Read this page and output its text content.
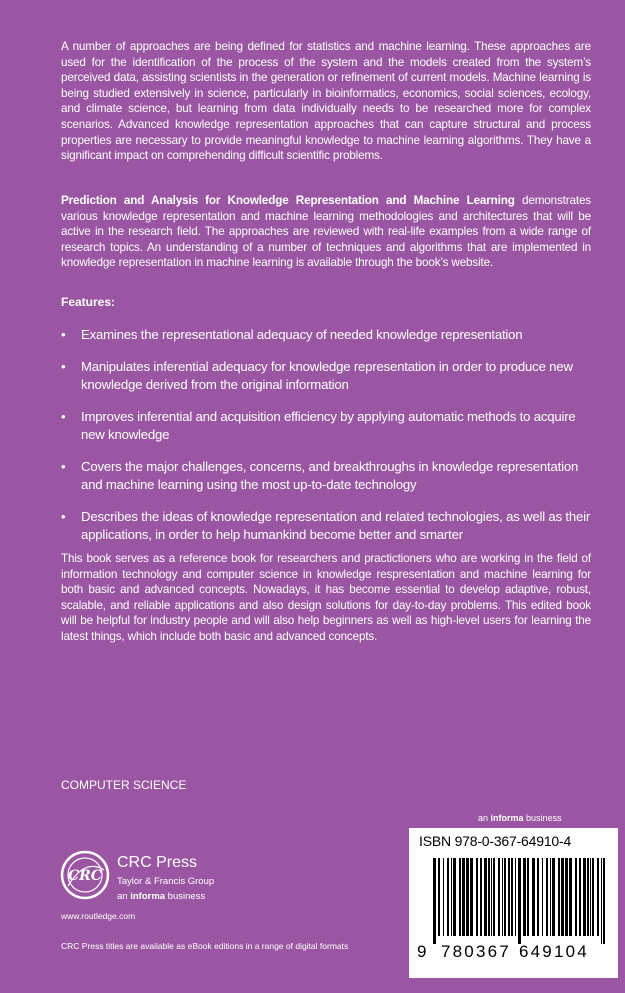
A number of approaches are being defined for statistics and machine learning. These approaches are used for the identification of the process of the system and the models created from the system’s perceived data, assisting scientists in the generation or refinement of current models. Machine learning is being studied extensively in science, particularly in bioinformatics, economics, social sciences, ecology, and climate science, but learning from data individually needs to be researched more for complex scenarios. Advanced knowledge representation approaches that can capture structural and process properties are necessary to provide meaningful knowledge to machine learning algorithms. They have a significant impact on comprehending difficult scientific problems.

Prediction and Analysis for Knowledge Representation and Machine Learning demonstrates various knowledge representation and machine learning methodologies and architectures that will be active in the research field. The approaches are reviewed with real-life examples from a wide range of research topics. An understanding of a number of techniques and algorithms that are implemented in knowledge representation in machine learning is available through the book’s website.

Features:

• Examines the representational adequacy of needed knowledge representation
• Manipulates inferential adequacy for knowledge representation in order to produce new knowledge derived from the original information
• Improves inferential and acquisition efficiency by applying automatic methods to acquire new knowledge
• Covers the major challenges, concerns, and breakthroughs in knowledge representation and machine learning using the most up-to-date technology
• Describes the ideas of knowledge representation and related technologies, as well as their applications, in order to help humankind become better and smarter

This book serves as a reference book for researchers and practictioners who are working in the field of information technology and computer science in knowledge respresentation and machine learning for both basic and advanced concepts. Nowadays, it has become essential to develop adaptive, robust, scalable, and reliable applications and also design solutions for day-to-day problems. This edited book will be helpful for industry people and will also help beginners as well as high-level users for learning the latest things, which include both basic and advanced concepts.

COMPUTER SCIENCE

an informa business

ISBN 978-0-367-64910-4

9 780367 649104
CRC

CRC Press

Taylor & Francis Group

an informa business

www.routledge.com

CRC Press titles are available as eBook editions in a range of digital formats
